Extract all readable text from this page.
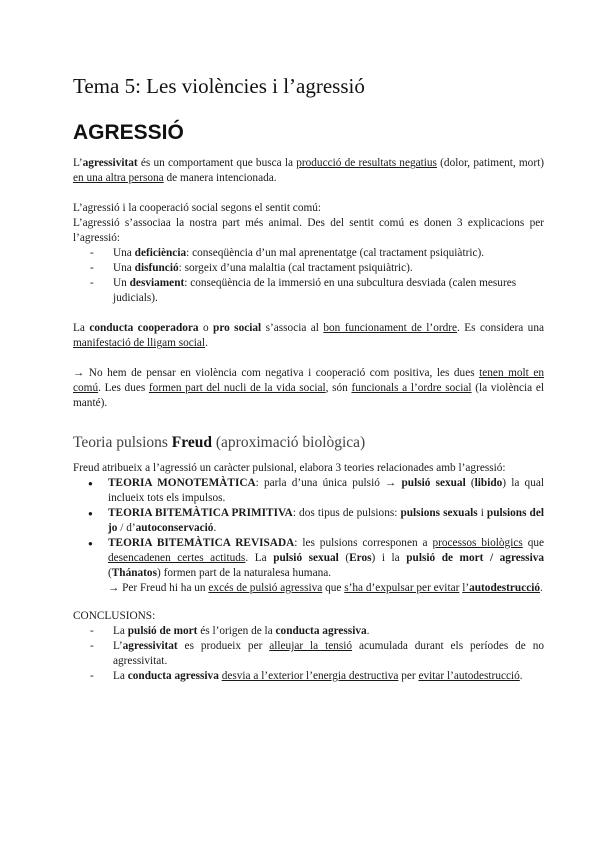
Tema 5: Les violències i l’agressió
AGRESSIÓ

L’agressivitat és un comportament que busca la producció de resultats negatius (dolor, patiment, mort) en una altra persona de manera intencionada.

L’agressió i la cooperació social segons el sentit comú:

L’agressió s’associaa la nostra part més animal. Des del sentit comú es donen 3 explicacions per l’agressió:

- Una deficiència: conseqüència d’un mal aprenentatge (cal tractament psiquiàtric).
- Una disfunció: sorgeix d’una malaltia (cal tractament psiquiàtric).
- Un desviament: conseqüència de la immersió en una subcultura desviada (calen mesures judicials).

La conducta cooperadora o pro social s’associa al bon funcionament de l’ordre. Es considera una manifestació de lligam social.

→ No hem de pensar en violència com negativa i cooperació com positiva, les dues tenen molt en comú. Les dues formen part del nucli de la vida social, són funcionals a l’ordre social (la violència el manté).

Teoria pulsions Freud (aproximació biològica)

Freud atribueix a l’agressió un caràcter pulsional, elabora 3 teories relacionades amb l’agressió:

● TEORIA MONOTEMÀTICA: parla d’una única pulsió → pulsió sexual (libido) la qual inclueix tots els impulsos.
● TEORIA BITEMÀTICA PRIMITIVA: dos tipus de pulsions: pulsions sexuals i pulsions del jo / d’autoconservació.
● TEORIA BITEMÀTICA REVISADA: les pulsions corresponen a processos biològics que desencadenen certes actituds. La pulsió sexual (Eros) i la pulsió de mort / agressiva (Thánatos) formen part de la naturalesa humana.
→ Per Freud hi ha un excés de pulsió agressiva que s’ha d’expulsar per evitar l’autodestrucció.

CONCLUSIONS:

- La pulsió de mort és l’origen de la conducta agressiva.
- L’agressivitat es produeix per alleujar la tensió acumulada durant els períodes de no agressivitat.
- La conducta agressiva desvia a l’exterior l’energia destructiva per evitar l’autodestrucció.
